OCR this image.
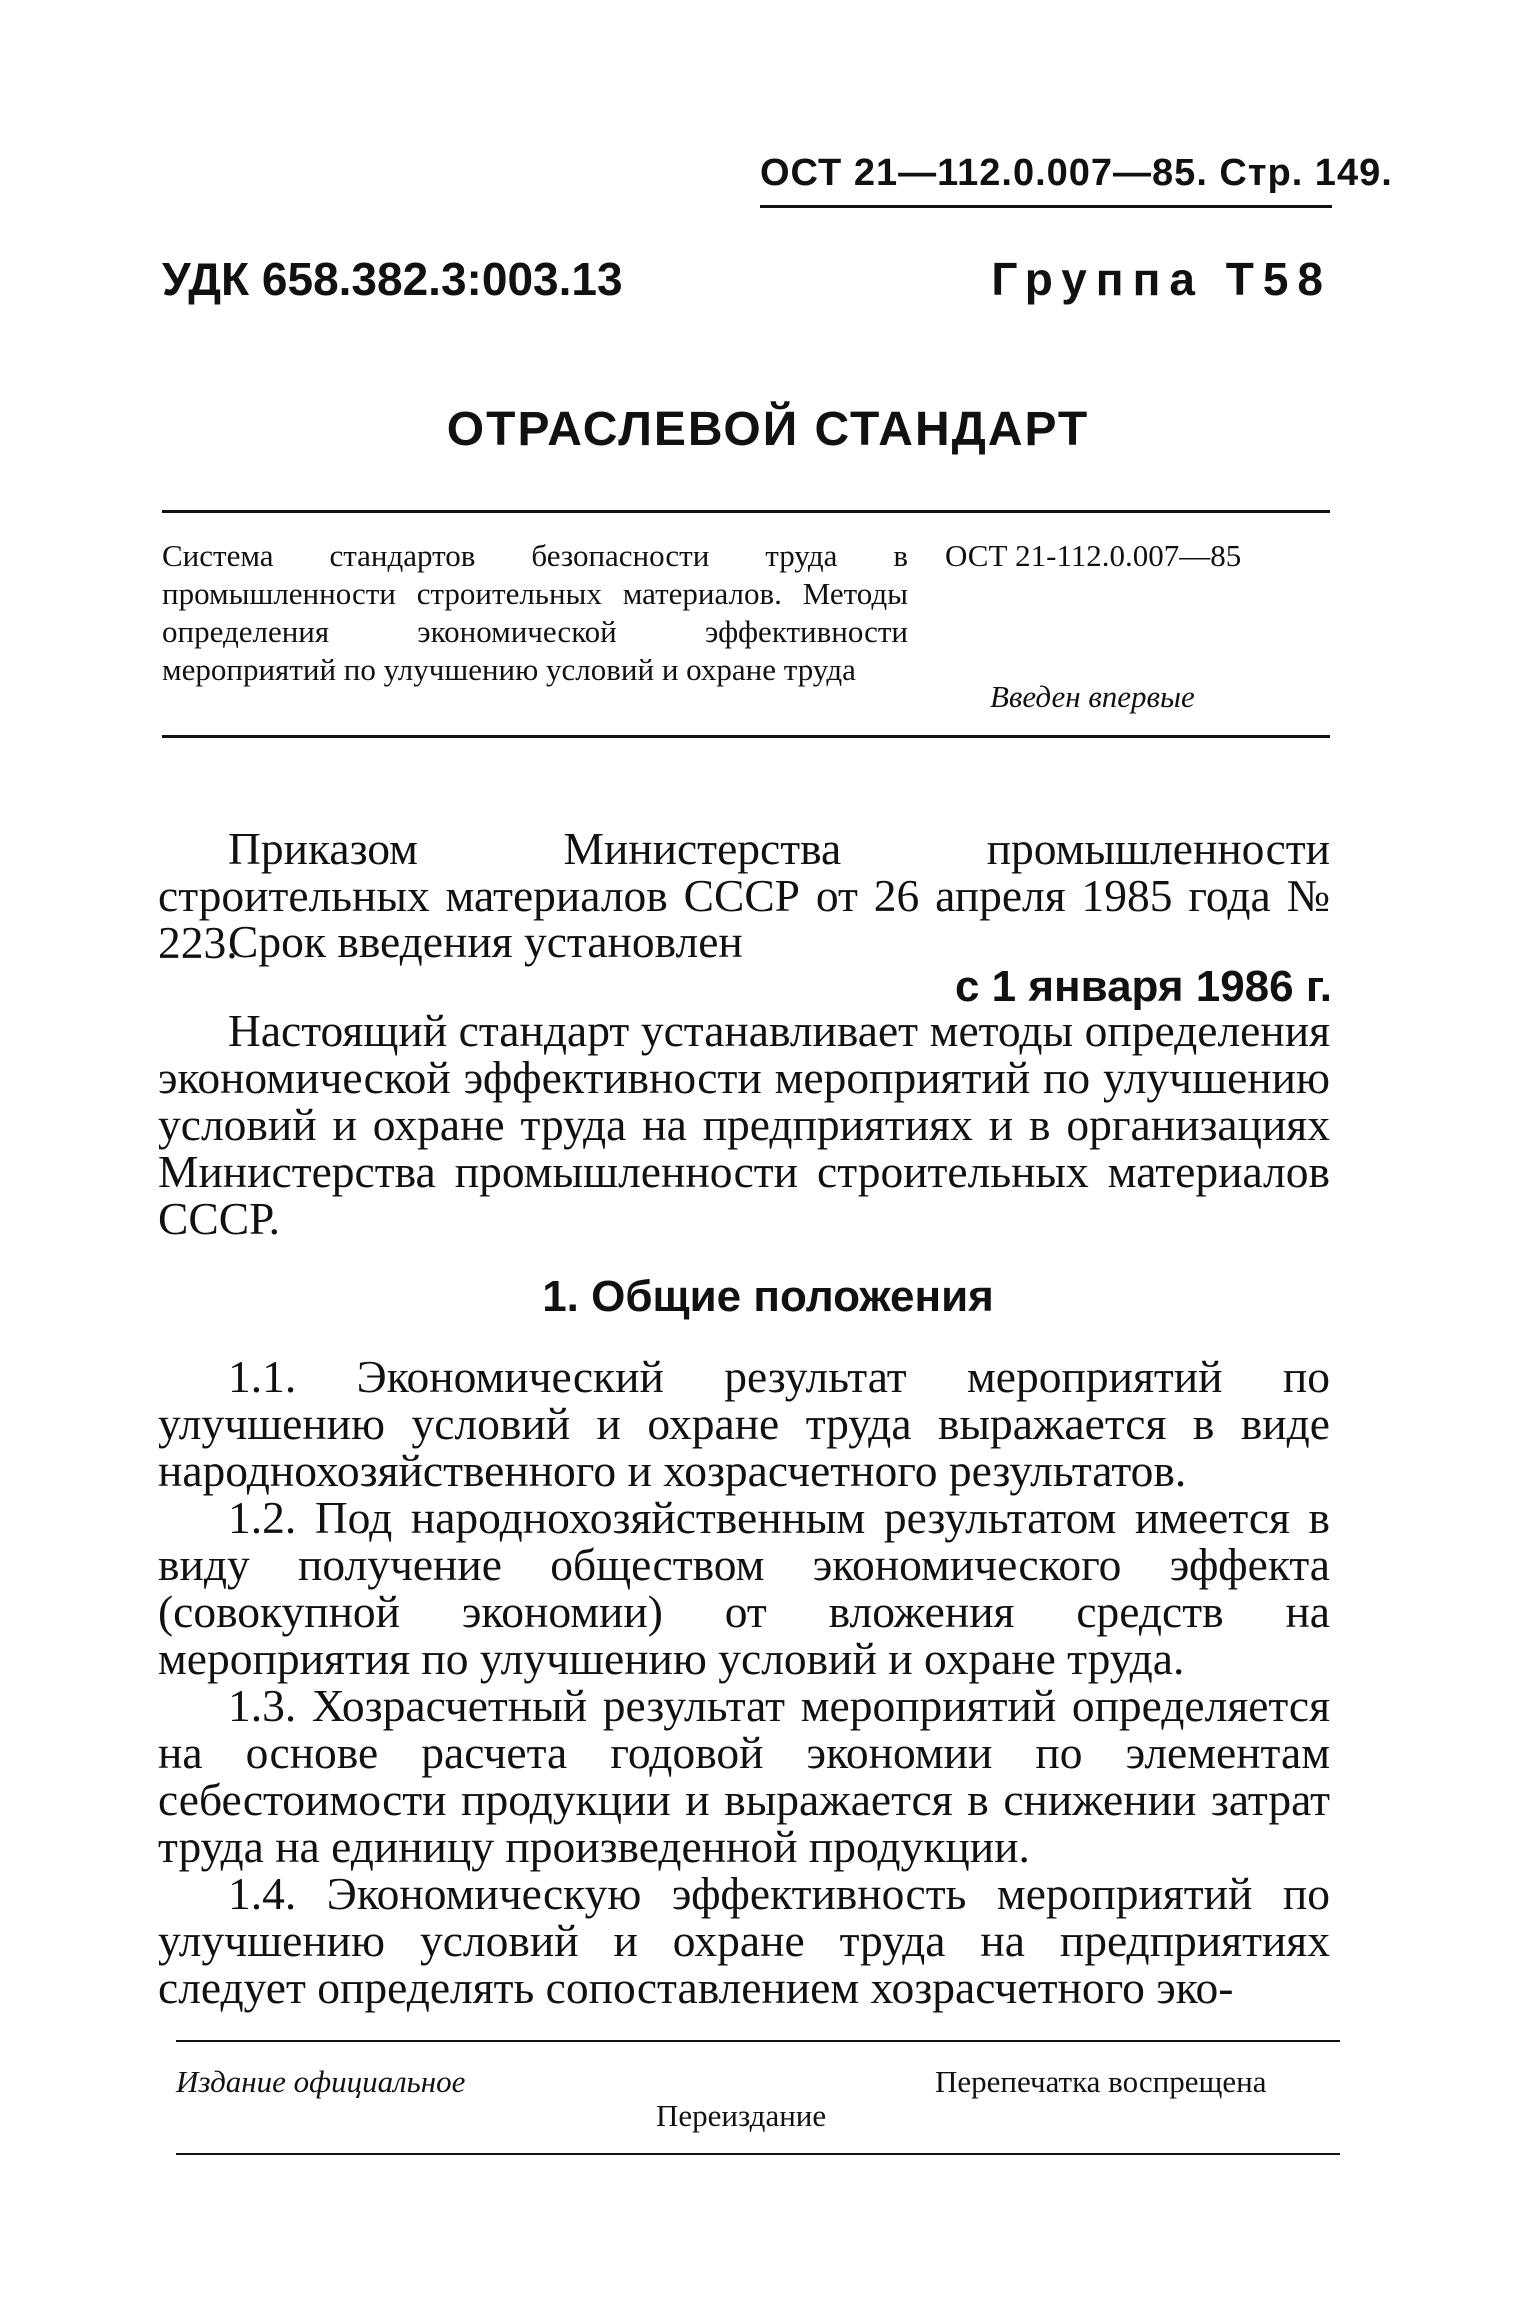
ОСТ 21—112.0.007—85. Стр. 149.
УДК 658.382.3:003.13	Группа Т58
ОТРАСЛЕВОЙ СТАНДАРТ
Система стандартов безопасности труда в промышленности строительных материалов. Методы определения экономической эффективности мероприятий по улучшению условий и охране труда
ОСТ 21-112.0.007—85
Введен впервые
Приказом Министерства промышленности строительных материалов СССР от 26 апреля 1985 года № 223.
Срок введения установлен
с 1 января 1986 г.
Настоящий стандарт устанавливает методы определения экономической эффективности мероприятий по улучшению условий и охране труда на предприятиях и в организациях Министерства промышленности строительных материалов СССР.
1. Общие положения
1.1. Экономический результат мероприятий по улучшению условий и охране труда выражается в виде народнохозяйственного и хозрасчетного результатов.
1.2. Под народнохозяйственным результатом имеется в виду получение обществом экономического эффекта (совокупной экономии) от вложения средств на мероприятия по улучшению условий и охране труда.
1.3. Хозрасчетный результат мероприятий определяется на основе расчета годовой экономии по элементам себестоимости продукции и выражается в снижении затрат труда на единицу произведенной продукции.
1.4. Экономическую эффективность мероприятий по улучшению условий и охране труда на предприятиях следует определять сопоставлением хозрасчетного эко-
Издание официальное	Перепечатка воспрещена
Переиздание
